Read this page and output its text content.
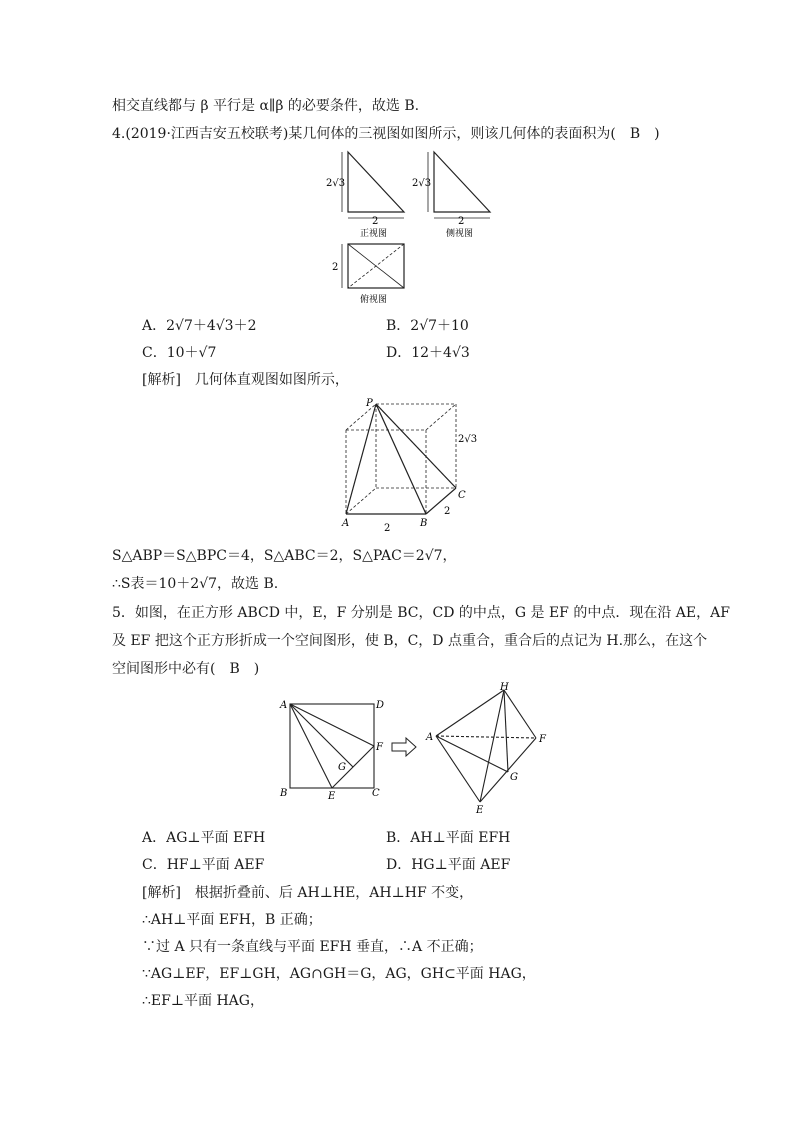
相交直线都与 β 平行是 α∥β 的必要条件，故选 B.
4.(2019·江西吉安五校联考)某几何体的三视图如图所示，则该几何体的表面积为(　B　)
2√3
2
正视图
2√3
2
侧视图
2
俯视图
A．2√7＋4√3＋2	B．2√7＋10
C．10＋√7	D．12＋4√3
[解析]　几何体直观图如图所示，
P
A	B
C
2√3
2
2
S△ABP＝S△BPC＝4，S△ABC＝2，S△PAC＝2√7，
∴S表＝10＋2√7，故选 B.
5．如图，在正方形 ABCD 中，E，F 分别是 BC，CD 的中点，G 是 EF 的中点．现在沿 AE，AF
及 EF 把这个正方形折成一个空间图形，使 B，C，D 点重合，重合后的点记为 H.那么，在这个
空间图形中必有(　B　)
A
B	C
D
E
F
G
H
A	F
G
E
A．AG⊥平面 EFH	B．AH⊥平面 EFH
C．HF⊥平面 AEF	D．HG⊥平面 AEF
[解析]　根据折叠前、后 AH⊥HE，AH⊥HF 不变，
∴AH⊥平面 EFH，B 正确；
∵过 A 只有一条直线与平面 EFH 垂直，∴A 不正确；
∵AG⊥EF，EF⊥GH，AG∩GH＝G，AG，GH⊂平面 HAG，
∴EF⊥平面 HAG，
